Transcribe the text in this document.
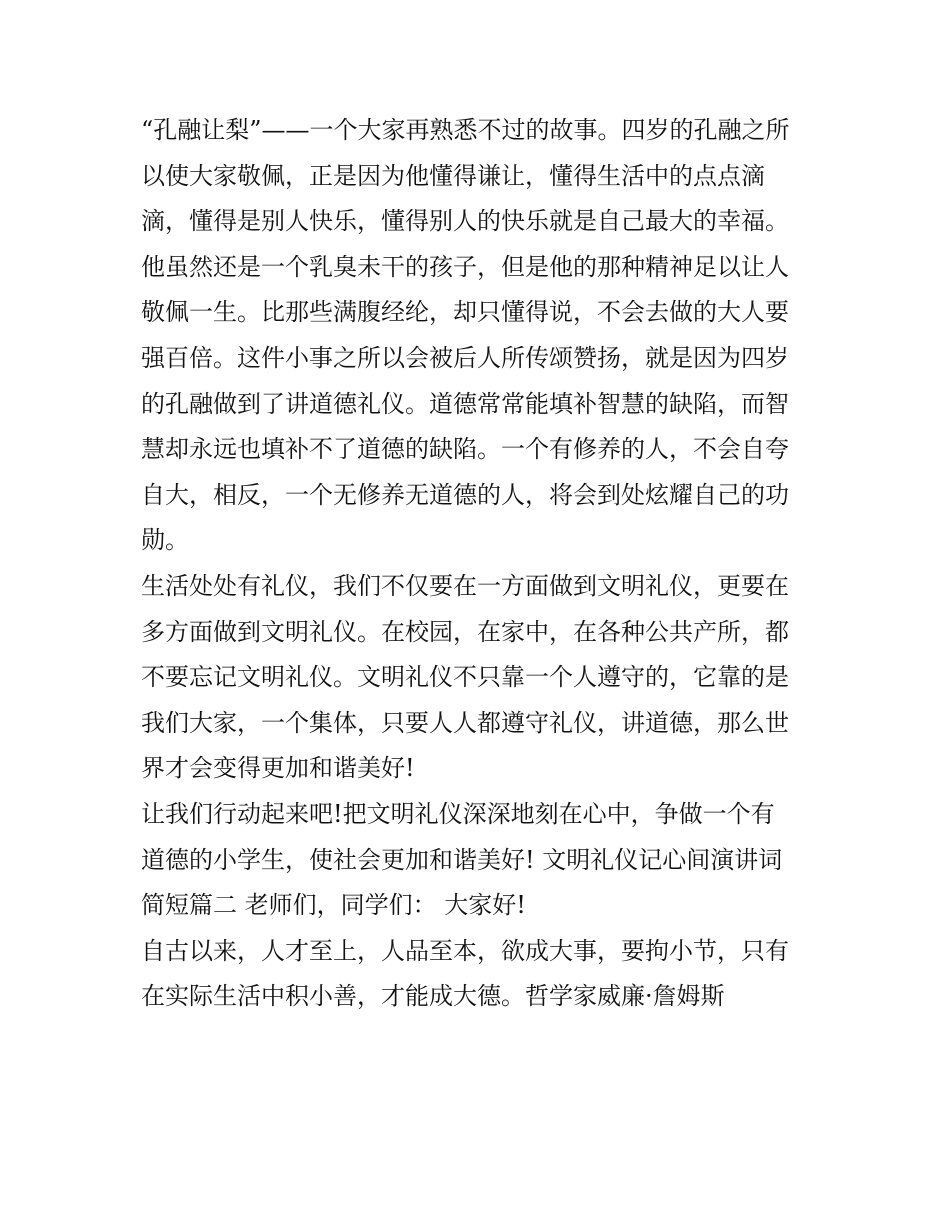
“孔融让梨”——一个大家再熟悉不过的故事。四岁的孔融之所
以使大家敬佩，正是因为他懂得谦让，懂得生活中的点点滴
滴，懂得是别人快乐，懂得别人的快乐就是自己最大的幸福。
他虽然还是一个乳臭未干的孩子，但是他的那种精神足以让人
敬佩一生。比那些满腹经纶，却只懂得说，不会去做的大人要
强百倍。这件小事之所以会被后人所传颂赞扬，就是因为四岁
的孔融做到了讲道德礼仪。道德常常能填补智慧的缺陷，而智
慧却永远也填补不了道德的缺陷。一个有修养的人，不会自夸
自大，相反，一个无修养无道德的人，将会到处炫耀自己的功
勋。
生活处处有礼仪，我们不仅要在一方面做到文明礼仪，更要在
多方面做到文明礼仪。在校园，在家中，在各种公共产所，都
不要忘记文明礼仪。文明礼仪不只靠一个人遵守的，它靠的是
我们大家，一个集体，只要人人都遵守礼仪，讲道德，那么世
界才会变得更加和谐美好!
让我们行动起来吧!把文明礼仪深深地刻在心中，争做一个有
道德的小学生，使社会更加和谐美好! 文明礼仪记心间演讲词
简短篇二 老师们，同学们： 大家好!
自古以来，人才至上，人品至本，欲成大事，要拘小节，只有
在实际生活中积小善，才能成大德。哲学家威廉·詹姆斯
